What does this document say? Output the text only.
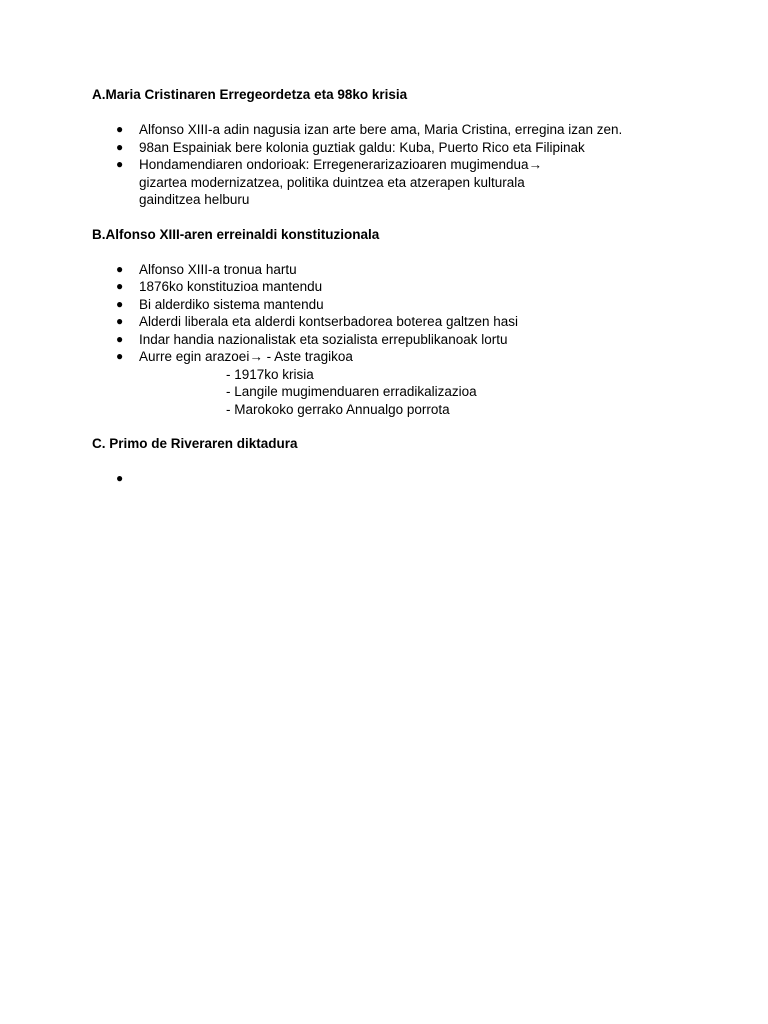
A.Maria Cristinaren Erregeordetza eta 98ko krisia
● Alfonso XIII-a adin nagusia izan arte bere ama, Maria Cristina, erregina izan zen.
● 98an Espainiak bere kolonia guztiak galdu: Kuba, Puerto Rico eta Filipinak
● Hondamendiaren ondorioak: Erregenerarizazioaren mugimendua→ gizartea modernizatzea, politika duintzea eta atzerapen kulturala gainditzea helburu
B.Alfonso XIII-aren erreinaldi konstituzionala
● Alfonso XIII-a tronua hartu
● 1876ko konstituzioa mantendu
● Bi alderdiko sistema mantendu
● Alderdi liberala eta alderdi kontserbadorea boterea galtzen hasi
● Indar handia nazionalistak eta sozialista errepublikanoak lortu
● Aurre egin arazoei→ - Aste tragikoa
- 1917ko krisia
- Langile mugimenduaren erradikalizazioa
- Marokoko gerrako Annualgo porrota
C. Primo de Riveraren diktadura
●
